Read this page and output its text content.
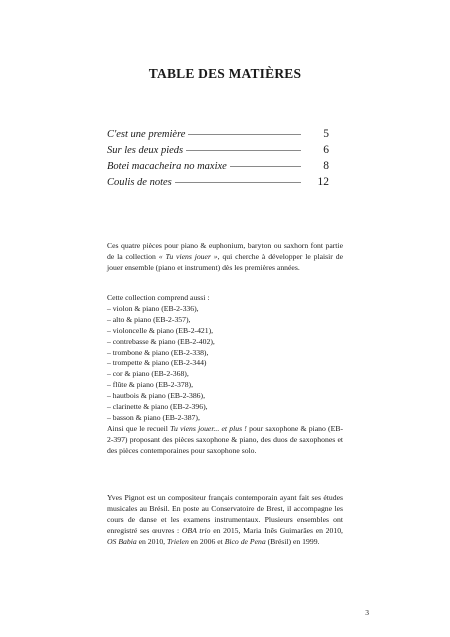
TABLE DES MATIÈRES
C'est une première	5
Sur les deux pieds	6
Botei macacheira no maxixe	8
Coulis de notes	12

Ces quatre pièces pour piano & euphonium, baryton ou saxhorn font partie de la collection « Tu viens jouer », qui cherche à développer le plaisir de jouer ensemble (piano et instrument) dès les premières années.

Cette collection comprend aussi :

– violon & piano (EB-2-336),
– alto & piano (EB-2-357),
– violoncelle & piano (EB-2-421),
– contrebasse & piano (EB-2-402),
– trombone & piano (EB-2-338),
– trompette & piano (EB-2-344)
– cor & piano (EB-2-368),
– flûte & piano (EB-2-378),
– hautbois & piano (EB-2-386),
– clarinette & piano (EB-2-396),
– basson & piano (EB-2-387),

Ainsi que le recueil Tu viens jouer... et plus ! pour saxophone & piano (EB-2-397) proposant des pièces saxophone & piano, des duos de saxophones et des pièces contemporaines pour saxophone solo.

Yves Pignot est un compositeur français contemporain ayant fait ses études musicales au Brésil. En poste au Conservatoire de Brest, il accompagne les cours de danse et les examens instrumentaux. Plusieurs ensembles ont enregistré ses œuvres : OBA trio en 2015, Maria Inês Guimarães en 2010, OS Babia en 2010, Trielen en 2006 et Bico de Pena (Brésil) en 1999.

3
